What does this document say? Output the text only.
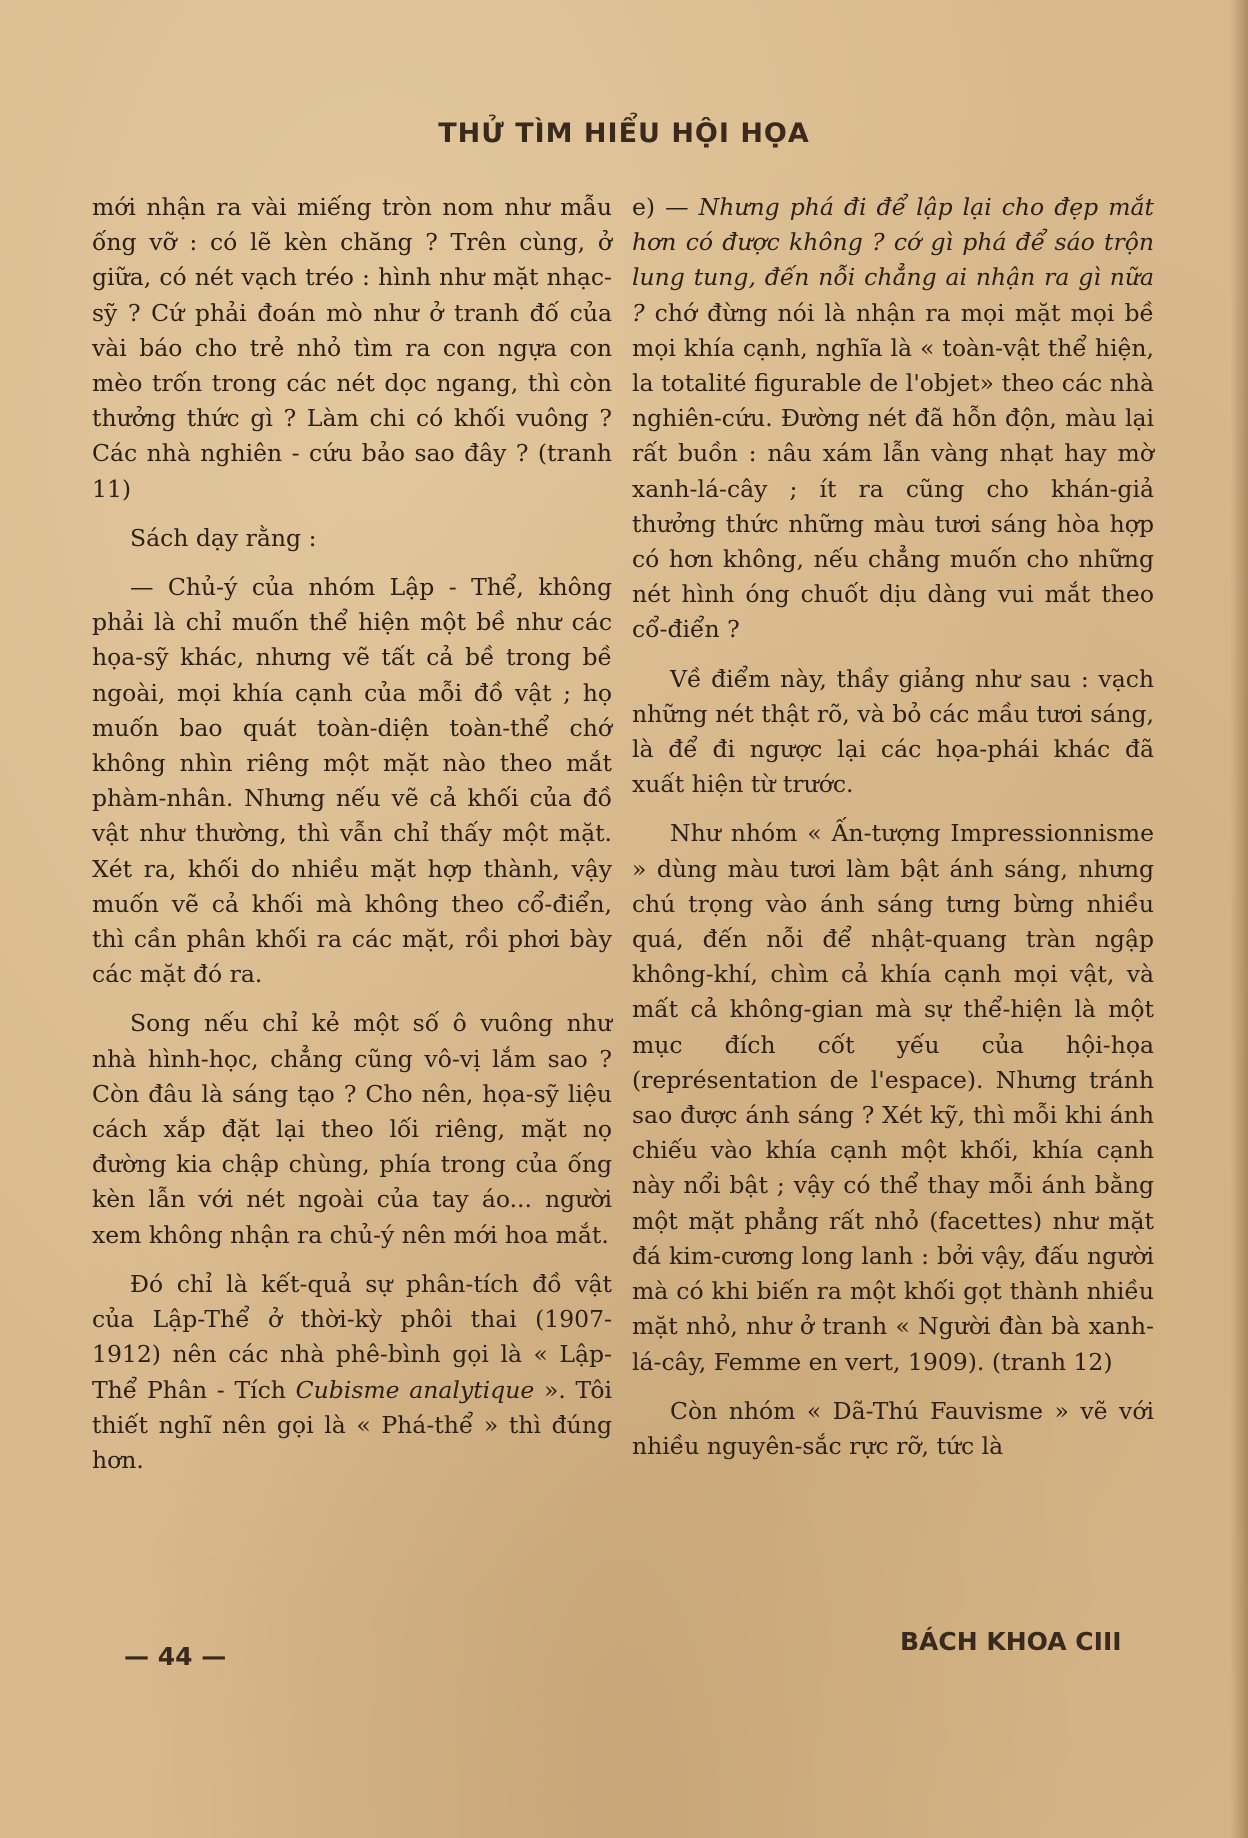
THỬ TÌM HIỂU HỘI HỌA

mới nhận ra vài miếng tròn nom như mẫu ống vỡ : có lẽ kèn chăng ? Trên cùng, ở giữa, có nét vạch tréo : hình như mặt nhạc-sỹ ? Cứ phải đoán mò như ở tranh đố của vài báo cho trẻ nhỏ tìm ra con ngựa con mèo trốn trong các nét dọc ngang, thì còn thưởng thức gì ? Làm chi có khối vuông ? Các nhà nghiên - cứu bảo sao đây ? (tranh 11)

Sách dạy rằng :

— Chủ-ý của nhóm Lập - Thể, không phải là chỉ muốn thể hiện một bề như các họa-sỹ khác, nhưng vẽ tất cả bề trong bề ngoài, mọi khía cạnh của mỗi đồ vật ; họ muốn bao quát toàn-diện toàn-thể chớ không nhìn riêng một mặt nào theo mắt phàm-nhân. Nhưng nếu vẽ cả khối của đồ vật như thường, thì vẫn chỉ thấy một mặt. Xét ra, khối do nhiều mặt hợp thành, vậy muốn vẽ cả khối mà không theo cổ-điển, thì cần phân khối ra các mặt, rồi phơi bày các mặt đó ra.

Song nếu chỉ kẻ một số ô vuông như nhà hình-học, chẳng cũng vô-vị lắm sao ? Còn đâu là sáng tạo ? Cho nên, họa-sỹ liệu cách xắp đặt lại theo lối riêng, mặt nọ đường kia chập chùng, phía trong của ống kèn lẫn với nét ngoài của tay áo... người xem không nhận ra chủ-ý nên mới hoa mắt.

Đó chỉ là kết-quả sự phân-tích đồ vật của Lập-Thể ở thời-kỳ phôi thai (1907-1912) nên các nhà phê-bình gọi là « Lập-Thể Phân - Tích Cubisme analytique ». Tôi thiết nghĩ nên gọi là « Phá-thể » thì đúng hơn.

e) — Nhưng phá đi để lập lại cho đẹp mắt hơn có được không ? cớ gì phá để sáo trộn lung tung, đến nỗi chẳng ai nhận ra gì nữa ? chớ đừng nói là nhận ra mọi mặt mọi bề mọi khía cạnh, nghĩa là « toàn-vật thể hiện, la totalité figurable de l'objet» theo các nhà nghiên-cứu. Đường nét đã hỗn độn, màu lại rất buồn : nâu xám lẫn vàng nhạt hay mờ xanh-lá-cây ; ít ra cũng cho khán-giả thưởng thức những màu tươi sáng hòa hợp có hơn không, nếu chẳng muốn cho những nét hình óng chuốt dịu dàng vui mắt theo cổ-điển ?

Về điểm này, thầy giảng như sau : vạch những nét thật rõ, và bỏ các mầu tươi sáng, là để đi ngược lại các họa-phái khác đã xuất hiện từ trước.

Như nhóm « Ấn-tượng Impressionnisme » dùng màu tươi làm bật ánh sáng, nhưng chú trọng vào ánh sáng tưng bừng nhiều quá, đến nỗi để nhật-quang tràn ngập không-khí, chìm cả khía cạnh mọi vật, và mất cả không-gian mà sự thể-hiện là một mục đích cốt yếu của hội-họa (représentation de l'espace). Nhưng tránh sao được ánh sáng ? Xét kỹ, thì mỗi khi ánh chiếu vào khía cạnh một khối, khía cạnh này nổi bật ; vậy có thể thay mỗi ánh bằng một mặt phẳng rất nhỏ (facettes) như mặt đá kim-cương long lanh : bởi vậy, đấu người mà có khi biến ra một khối gọt thành nhiều mặt nhỏ, như ở tranh « Người đàn bà xanh-lá-cây, Femme en vert, 1909). (tranh 12)

Còn nhóm « Dã-Thú Fauvisme » vẽ với nhiều nguyên-sắc rực rỡ, tức là

— 44 —
BÁCH KHOA CIII
